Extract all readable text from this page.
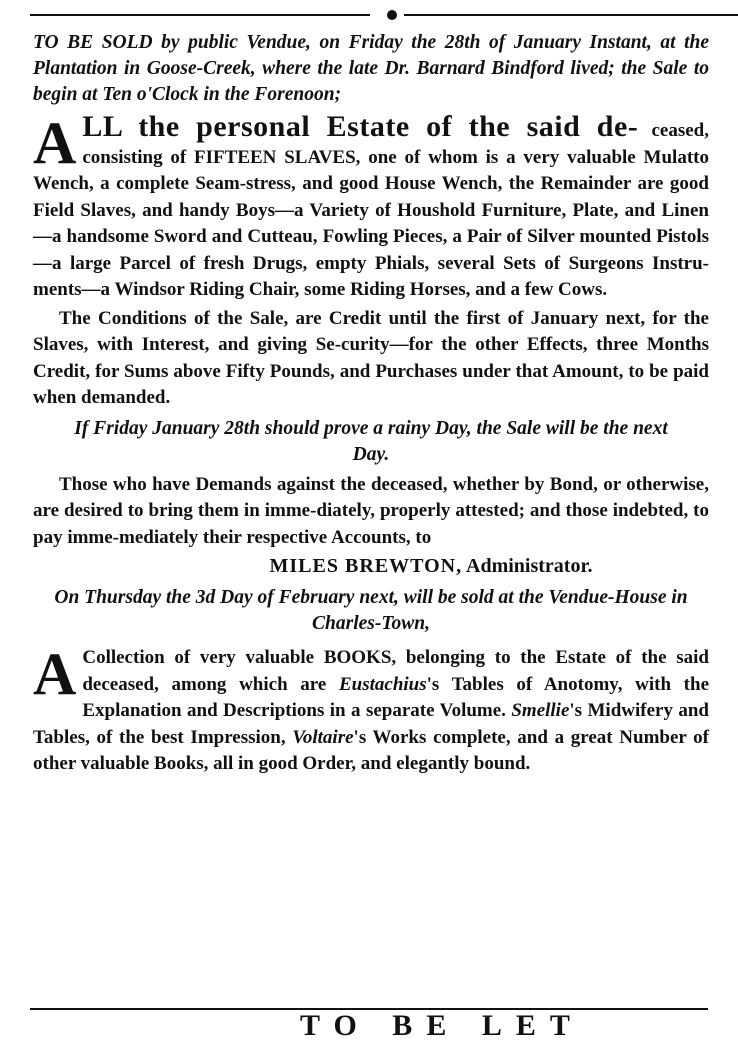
TO BE SOLD by public Vendue, on Friday the 28th of January Instant, at the Plantation in Goose-Creek, where the late Dr. Barnard Bindford lived; the Sale to begin at Ten o'Clock in the Forenoon;

A LL the personal Estate of the said de- ceased, consisting of FIFTEEN SLAVES, one of whom is a very valuable Mulatto Wench, a complete Seam-stress, and good House Wench, the Remainder are good Field Slaves, and handy Boys—a Variety of Houshold Furniture, Plate, and Linen—a handsome Sword and Cutteau, Fowling Pieces, a Pair of Silver mounted Pistols—a large Parcel of fresh Drugs, empty Phials, several Sets of Surgeons Instru-ments—a Windsor Riding Chair, some Riding Horses, and a few Cows.

The Conditions of the Sale, are Credit until the first of January next, for the Slaves, with Interest, and giving Se-curity—for the other Effects, three Months Credit, for Sums above Fifty Pounds, and Purchases under that Amount, to be paid when demanded.

If Friday January 28th should prove a rainy Day, the Sale will be the next Day.

Those who have Demands against the deceased, whether by Bond, or otherwise, are desired to bring them in imme-diately, properly attested; and those indebted, to pay imme-mediately their respective Accounts, to

MILES BREWTON, Administrator.

On Thursday the 3d Day of February next, will be sold at the Vendue-House in Charles-Town,

A Collection of very valuable BOOKS, belonging to the Estate of the said deceased, among which are Eustachius's Tables of Anotomy, with the Explanation and Descriptions in a separate Volume. Smellie's Midwifery and Tables, of the best Impression, Voltaire's Works complete, and a great Number of other valuable Books, all in good Order, and elegantly bound.

TO BE LET
